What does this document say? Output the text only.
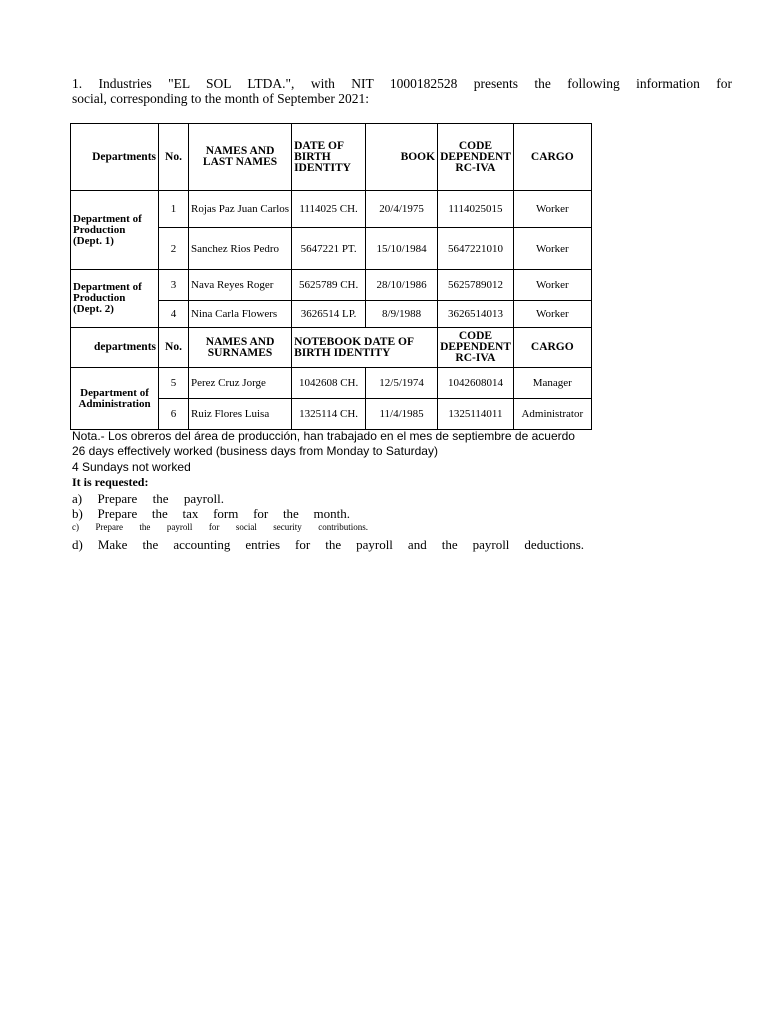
1. Industries "EL SOL LTDA.", with NIT 1000182528 presents the following information for
social, corresponding to the month of September 2021:
Departments	No.	NAMES AND LAST NAMES	DATE OF BIRTH IDENTITY	BOOK	CODE DEPENDENT RC-IVA	CARGO
Department of Production (Dept. 1)	1	Rojas Paz Juan Carlos	1114025 CH.	20/4/1975	1114025015	Worker
	2	Sanchez Rios Pedro	5647221 PT.	15/10/1984	5647221010	Worker
Department of Production (Dept. 2)	3	Nava Reyes Roger	5625789 CH.	28/10/1986	5625789012	Worker
	4	Nina Carla Flowers	3626514 LP.	8/9/1988	3626514013	Worker
departments	No.	NAMES AND SURNAMES	NOTEBOOK DATE OF BIRTH IDENTITY		CODE DEPENDENT RC-IVA	CARGO
Department of Administration	5	Perez Cruz Jorge	1042608 CH.	12/5/1974	1042608014	Manager
	6	Ruiz Flores Luisa	1325114 CH.	11/4/1985	1325114011	Administrator
Nota.- Los obreros del área de producción, han trabajado en el mes de septiembre de acuerdo
26 days effectively worked (business days from Monday to Saturday)
4 Sundays not worked
It is requested:
a) Prepare the payroll.
b) Prepare the tax form for the month.
c) Prepare the payroll for social security contributions.
d) Make the accounting entries for the payroll and the payroll deductions.
